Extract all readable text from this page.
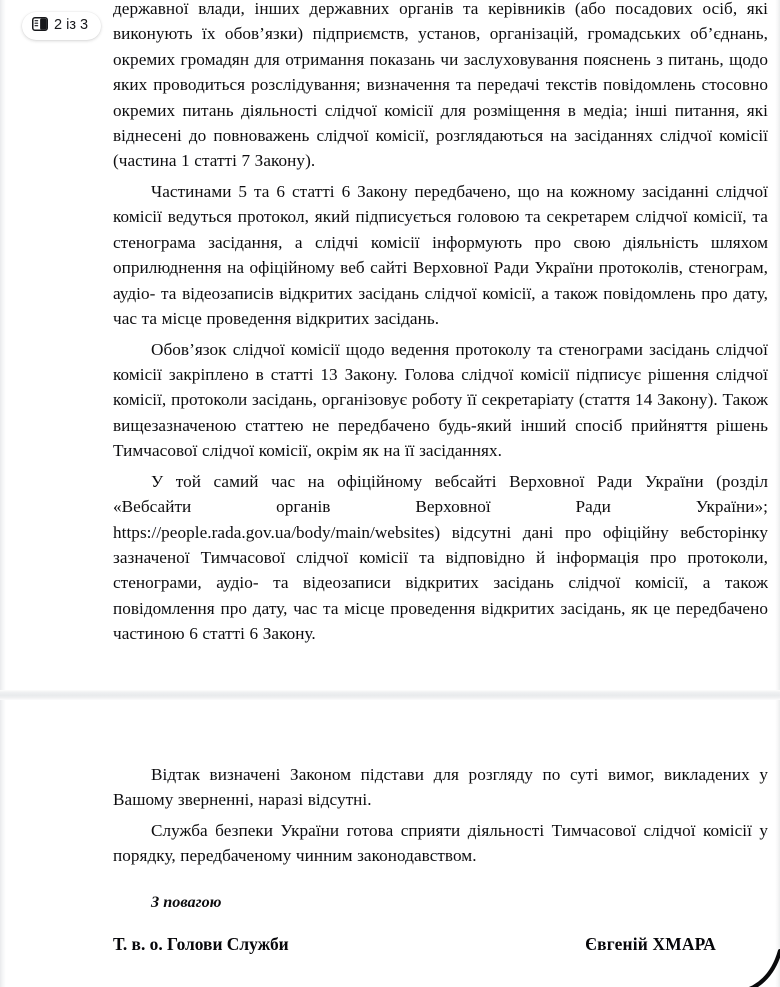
державної влади, інших державних органів та керівників (або посадових осіб, які виконують їх обов’язки) підприємств, установ, організацій, громадських об’єднань, окремих громадян для отримання показань чи заслуховування пояснень з питань, щодо яких проводиться розслідування; визначення та передачі текстів повідомлень стосовно окремих питань діяльності слідчої комісії для розміщення в медіа; інші питання, які віднесені до повноважень слідчої комісії, розглядаються на засіданнях слідчої комісії (частина 1 статті 7 Закону).

Частинами 5 та 6 статті 6 Закону передбачено, що на кожному засіданні слідчої комісії ведуться протокол, який підписується головою та секретарем слідчої комісії, та стенограма засідання, а слідчі комісії інформують про свою діяльність шляхом оприлюднення на офіційному веб сайті Верховної Ради України протоколів, стенограм, аудіо- та відеозаписів відкритих засідань слідчої комісії, а також повідомлень про дату, час та місце проведення відкритих засідань.

Обов’язок слідчої комісії щодо ведення протоколу та стенограми засідань слідчої комісії закріплено в статті 13 Закону. Голова слідчої комісії підписує рішення слідчої комісії, протоколи засідань, організовує роботу її секретаріату (стаття 14 Закону). Також вищезазначеною статтею не передбачено будь-який інший спосіб прийняття рішень Тимчасової слідчої комісії, окрім як на її засіданнях.

У той самий час на офіційному вебсайті Верховної Ради України (розділ «Вебсайти органів Верховної Ради України»; https://people.rada.gov.ua/body/main/websites) відсутні дані про офіційну вебсторінку зазначеної Тимчасової слідчої комісії та відповідно й інформація про протоколи, стенограми, аудіо- та відеозаписи відкритих засідань слідчої комісії, а також повідомлення про дату, час та місце проведення відкритих засідань, як це передбачено частиною 6 статті 6 Закону.

Відтак визначені Законом підстави для розгляду по суті вимог, викладених у Вашому зверненні, наразі відсутні.

Служба безпеки України готова сприяти діяльності Тимчасової слідчої комісії у порядку, передбаченому чинним законодавством.

З повагою

Т. в. о. Голови Служби	Євгеній ХМАРА
2 із 3
